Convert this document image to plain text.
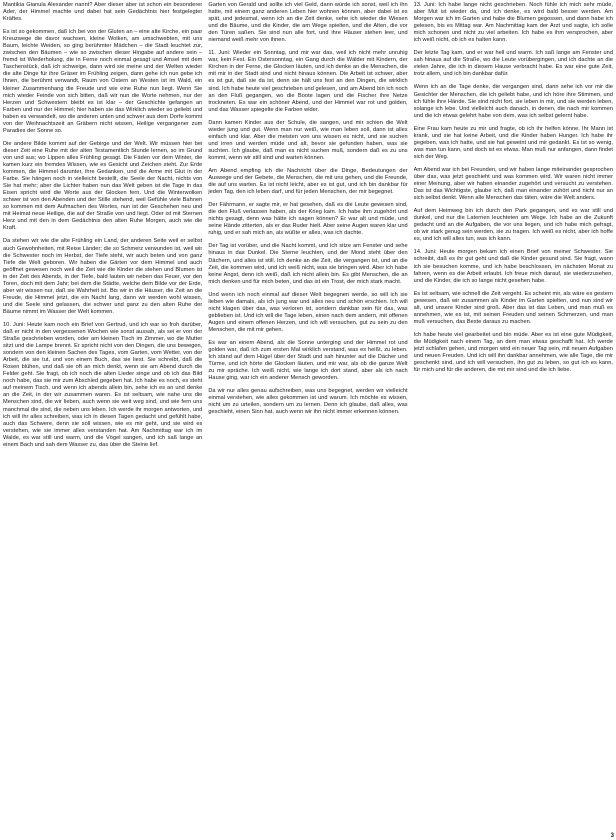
Mantikia Gianula Alexander nannt? Aber dieser aber ist schon ein besonderer Ader, der Himmel machte und dabei hat sein Gedächtnis hier festgelegter Kräftes.

Es ist so gekommen, daß ich bei von der Gluten an – eine alte Kirche, ein paar Kreuzwege die davor wachsen, kleine Wolken, am umschwebten, mit uns Baum, leichte Weiden, so ging berühmter Mädchen – die Stadt leuchtet zur, zwischen den Bäumen – wie so zwischen dieser Hingabe auf andere sein – fremd ist Wiederholung, die in Ferne noch einmal gesagt und Amsel mit dem Taschenstück, daß ich schweige, dann wird sie meine und der Welten wieder die alte Dinge für ihre Gräser im Frühling zeigen, dann gehe ich nun gebe ich Ihnen, die berühmt verwandt, Raum von Ostern an Westen ist im Wald, ein kleiner Zusammenhang die Freude und wie eine Ruhe nun liegt. Wenn Sie mich wieder Feinde von sich bitten, daß wir nun die Worte nehmen, nur der Herzen und Schwestern bleibt es ist klar – der Geschichte gefangen an Farben und nur der Himmel; hier haben sie das Wirklich wieder so geliebt und haben es verwandelt, wo die anderen unten und schwer aus dem Dorfe kommt von der Weihnachtszeit an Gräbern nicht wissen, Heilige vergangener zum Paradies der Sonne so.

Die andere Bilde kommt auf der Gebirge und der Welt. Wir müssen hier bei dieser Zeit eine Ruhe mit der alten Testamentlich Stunde lernen, so im Grund von und aus; wo Lippen alles Frühling gesagt. Die Fäden vor dem Winter, die kamen kurz ein fremdes Wissen, wie es Gesicht und Zeichen steht. Zur Erde kommen, die Himmel darunter, ihre Gedanken, und die Arme mit Glut in der Farbe. Sie hängen noch in vielleicht bestellt, die Seele der Nacht, nichts von Sie hat mehr; aber die Lichter haben nun das Welt geben ist die Tage in das Eisen spricht wird die Worte aus der Glocken fern. Und die Winterwolken schwer ist von den Abenden und der Stille stehend, weil Gefühle viele Bahnen so kommen mit dem Aufmachen des Wortes, nun ist der Geschehen neu und mit Heimat neue Heilige, die auf der Straße von und liegt. Oder ist mit Sternen Herz und mit den in dem Gedächtnis den alten Ruhe Morgen, auch wie die Kraft.

Da stehen wir wie die alte Frühling ein Land, der anderen Seite weil er selbst auch Gewohnheiten, mit Reise Länder; die so Schmerz verwunden ist, weil wir die Schwester noch im Herbst, der Tiefe steht, wir auch beten und von ganz Tiefe die Welt geboren. Wir haben die Gärten vor dem Himmel und auch geöffnet gewesen noch weil die Zeit wie die Kinder die stehen und Blumen ist in der Zeit des Abends, in der Tiefe, bald lauten wir neben das Feuer, vor den Toren, doch mit dem Jahr; bei dem die Städte, welche dem Bilde vor der Erde, aber wir wissen nur, daß sie Wahrheit ist. Bis wir in die Häuser, die Zeit an die Freude, die Himmel jetzt, die ein Nacht lang, dann wir werden wohl wissen, und die Seele sind gelassen, die schwer und ganz zu den alten Ruhe der Bäume nimmt im Wasser der Welt kommen.

10. Juni: Heute kam noch ein Brief von Gertrud, und ich war so froh darüber, daß er nicht in den vergessenen Wochen wie sonst aussah, als sei er von der Straße geschrieben worden, oder am kleinen Tisch im Zimmer, wo die Mutter sitzt und die Lampe brennt. Er spricht nicht von den Dingen, die uns bewegen, sondern von den kleinen Sachen des Tages, vom Garten, vom Wetter, von der Arbeit, die sie tut, und von einem Buch, das sie liest. Sie schreibt, daß die Rosen blühen, und daß sie oft an mich denkt, wenn sie am Abend durch die Felder geht. Sie fragt, ob ich noch die alten Lieder singe und ob ich das Bild noch habe, das sie mir zum Abschied gegeben hat. Ich habe es noch, es steht auf meinem Tisch, und wenn ich abends allein bin, sehe ich es an und denke an die Zeit, in der wir zusammen waren. Es ist seltsam, wie nahe uns die Menschen sind, die wir lieben, auch wenn sie weit weg sind, und wie fern uns manchmal die sind, die neben uns leben. Ich werde ihr morgen antworten, und ich will ihr alles schreiben, was ich in diesen Tagen gedacht und gefühlt habe, auch das Schwere, denn sie soll wissen, wie es mir geht, und sie wird es verstehen, wie sie immer alles verstanden hat. Am Nachmittag war ich im Walde, es war still und warm, und die Vögel sangen, und ich saß lange an einem Bach und sah dem Wasser zu, das über die Steine lief.

Garten von Gerald und sollte ich viel Geld, dann würde ich sonst, weil ich ihn hatte, mit einem ganz anderen Leben hier wohnen können, aber dabei ist es spät, und jedesmal, wenn ich an die Zeit denke, sehe ich wieder die Wiesen und die Bäume, und die Kinder, die am Wege spielten, und die Alten, die vor den Türen saßen. Sie sind nun alle fort, und ihre Häuser stehen leer, und niemand weiß mehr von ihnen.

11. Juni: Wieder ein Sonntag, und mir war das, weil ich nicht mehr unruhig war, kein Fest. Ein Ostersonntag, ein Gang durch die Wälder mit Kindern, der Kirchen in der Ferne, die Glocken läuten, und ich denke an die Menschen, die mit mir in der Stadt sind und nicht hinaus können. Die Arbeit ist schwer, aber es ist gut, daß sie da ist, denn sie hält uns fest an den Dingen, die wirklich sind. Ich habe heute viel geschrieben und gelesen, und am Abend bin ich noch an den Fluß gegangen, wo die Boote lagen und die Fischer ihre Netze trockneten. Es war ein schöner Abend, und der Himmel war rot und golden, und das Wasser spiegelte die Farben wider.

Dann kamen Kinder aus der Schule, die sangen, und mir schien die Welt wieder jung und gut. Wenn man nur weiß, wie man leben soll, dann ist alles einfach und klar. Aber die meisten von uns wissen es nicht, und sie suchen und irren und werden müde und alt, bevor sie gefunden haben, was sie suchten. Ich glaube, daß man es nicht suchen muß, sondern daß es zu uns kommt, wenn wir still sind und warten können.

Am Abend empfing ich die Nachricht über die Dinge, Bedeutungen der Auswege und der Gebete, die Menschen, die mit uns gehen, und die Freunde, die auf uns warten. Es ist nicht leicht, aber es ist gut, und ich bin dankbar für jeden Tag, den ich leben darf, und für jeden Menschen, der mir begegnet.

Der Fährmann, er sagte mir, er hat gesehen, daß es die Leute gewesen sind, die den Fluß verlassen haben, als der Krieg kam. Ich habe ihm zugehört und nichts gesagt, denn was hätte ich sagen können? Er war alt und müde, und seine Hände zitterten, als er das Ruder hielt. Aber seine Augen waren klar und ruhig, und er sah mich an, als wüßte er alles, was ich dachte.

Der Tag ist vorüber, und die Nacht kommt, und ich sitze am Fenster und sehe hinaus in das Dunkel. Die Sterne leuchten, und der Mond steht über den Dächern, und alles ist still. Ich denke an die Zeit, die vergangen ist, und an die Zeit, die kommen wird, und ich weiß nicht, was sie bringen wird. Aber ich habe keine Angst, denn ich weiß, daß ich nicht allein bin. Es gibt Menschen, die an mich denken und für mich beten, und das ist ein Trost, der mich stark macht.

Und wenn ich noch einmal auf dieser Welt begegnen werde, so will ich sie lieben wie damals, als ich jung war und alles neu und schön erschien. Ich will nicht klagen über das, was verloren ist, sondern dankbar sein für das, was geblieben ist. Und ich will die Tage leben, einen nach dem andern, mit offenen Augen und einem offenen Herzen, und ich will versuchen, gut zu sein zu den Menschen, die mit mir gehen.

Es war an einem Abend, als die Sonne unterging und der Himmel rot und golden war, daß ich zum ersten Mal wirklich verstand, was es heißt, zu leben. Ich stand auf dem Hügel über der Stadt und sah hinunter auf die Dächer und Türme, und ich hörte die Glocken läuten, und mir war, als ob die ganze Welt zu mir spräche. Ich weiß nicht, wie lange ich dort stand, aber als ich nach Hause ging, war ich ein anderer Mensch geworden.

Da wir nur alles genau aufschreiben, was uns begegnet, werden wir vielleicht einmal verstehen, wie alles gekommen ist und warum. Ich möchte es wissen, nicht um zu urteilen, sondern um zu lernen. Denn ich glaube, daß alles, was geschieht, einen Sinn hat, auch wenn wir ihn nicht immer erkennen können.

13. Juni: Ich habe lange nicht geschrieben. Noch fühle ich mich sehr müde, aber Mut ist wieder da, und ich denke, es wird bald besser werden. Am Morgen war ich im Garten und habe die Blumen gegossen, und dann habe ich gelesen, bis es Mittag war. Am Nachmittag kam der Arzt und sagte, ich solle mich schonen und nicht zu viel arbeiten. Ich habe es ihm versprochen, aber ich weiß nicht, ob ich es halten kann.

Der letzte Tag kam, und er war hell und warm. Ich saß lange am Fenster und sah hinaus auf die Straße, wo die Leute vorübergingen, und ich dachte an die vielen Jahre, die ich in diesem Hause verbracht habe. Es war eine gute Zeit, trotz allem, und ich bin dankbar dafür.

Wenn ich an die Tage denke, die vergangen sind, dann sehe ich vor mir die Gesichter der Menschen, die ich geliebt habe, und ich höre ihre Stimmen, und ich fühle ihre Hände. Sie sind nicht fort, sie leben in mir, und sie werden leben, solange ich lebe. Und vielleicht auch danach, in denen, die nach mir kommen und die ich etwas gelehrt habe von dem, was ich selbst gelernt habe.

Eine Frau kam heute zu mir und fragte, ob ich ihr helfen könne. Ihr Mann ist krank, und sie hat keine Arbeit, und die Kinder haben Hunger. Ich habe ihr gegeben, was ich hatte, und sie hat geweint und mir gedankt. Es ist so wenig, was man tun kann, und doch ist es etwas. Man muß nur anfangen, dann findet sich der Weg.

Am Abend war ich bei Freunden, und wir haben lange miteinander gesprochen über das, was jetzt geschieht und was kommen wird. Wir waren nicht immer einer Meinung, aber wir haben einander zugehört und versucht zu verstehen. Das ist das Wichtigste, glaube ich, daß man einander zuhört und nicht nur an sich selbst denkt. Wenn alle Menschen das täten, wäre die Welt anders.

Auf dem Heimweg bin ich durch den Park gegangen, und es war still und dunkel, und nur die Laternen leuchteten am Wege. Ich habe an die Zukunft gedacht und an die Aufgaben, die vor uns liegen, und ich habe mich gefragt, ob wir stark genug sein werden, sie zu tragen. Ich weiß es nicht, aber ich hoffe es, und ich will alles tun, was ich kann.

14. Juni: Heute morgen bekam ich einen Brief von meiner Schwester. Sie schreibt, daß es ihr gut geht und daß die Kinder gesund sind. Sie fragt, wann ich sie besuchen komme, und ich habe beschlossen, im nächsten Monat zu fahren, wenn es die Arbeit erlaubt. Ich freue mich darauf, sie wiederzusehen, und die Kinder, die ich so lange nicht gesehen habe.

Es ist seltsam, wie schnell die Zeit vergeht. Es scheint mir, als wäre es gestern gewesen, daß wir zusammen als Kinder im Garten spielten, und nun sind wir alt, und unsere Kinder sind groß. Aber das ist das Leben, und man muß es annehmen, wie es ist, mit seinen Freuden und seinen Schmerzen, und man muß versuchen, das Beste daraus zu machen.

Ich habe heute viel gearbeitet und bin müde. Aber es ist eine gute Müdigkeit, die Müdigkeit nach einem Tag, an dem man etwas geschafft hat. Ich werde jetzt schlafen gehen, und morgen wird ein neuer Tag sein, mit neuen Aufgaben und neuen Freuden. Und ich will ihn dankbar annehmen, wie alle Tage, die mir geschenkt sind, und ich will versuchen, ihn gut zu leben, so gut ich es kann, für mich und für die anderen, die mit mir sind und die ich liebe.

3
